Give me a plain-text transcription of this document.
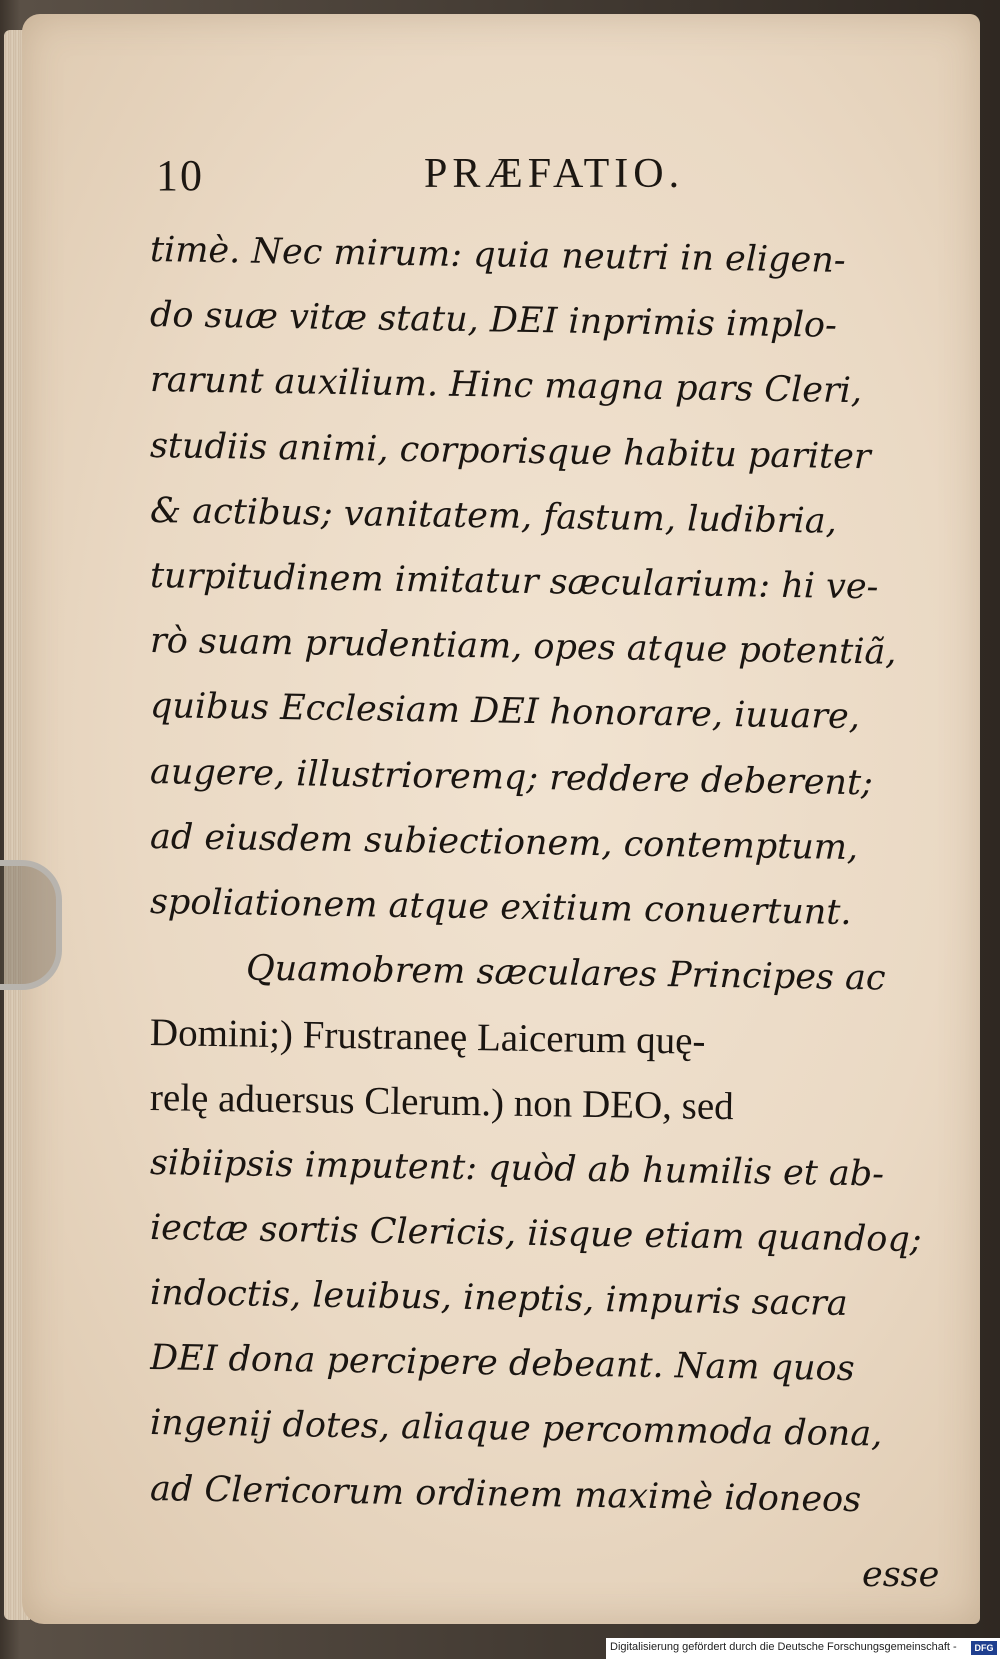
10	PRÆFATIO.
timè. Nec mirum: quia neutri in eligen-
do suæ vitæ statu, DEI inprimis implo-
rarunt auxilium. Hinc magna pars Cleri,
studiis animi, corporisque habitu pariter
& actibus; vanitatem, fastum, ludibria,
turpitudinem imitatur sæcularium: hi ve-
rò suam prudentiam, opes atque potentiã,
quibus Ecclesiam DEI honorare, iuuare,
augere, illustrioremq; reddere deberent;
ad eiusdem subiectionem, contemptum,
spoliationem atque exitium conuertunt.
Quamobrem sæculares Principes ac
Domini;) Frustraneę Laicerum quę-
relę aduersus Clerum.) non DEO, sed
sibiipsis imputent: quòd ab humilis et ab-
iectæ sortis Clericis, iisque etiam quandoq;
indoctis, leuibus, ineptis, impuris sacra
DEI dona percipere debeant. Nam quos
ingenij dotes, aliaque percommoda dona,
ad Clericorum ordinem maximè idoneos
esse
Digitalisierung gefördert durch die Deutsche Forschungsgemeinschaft -	DFG
